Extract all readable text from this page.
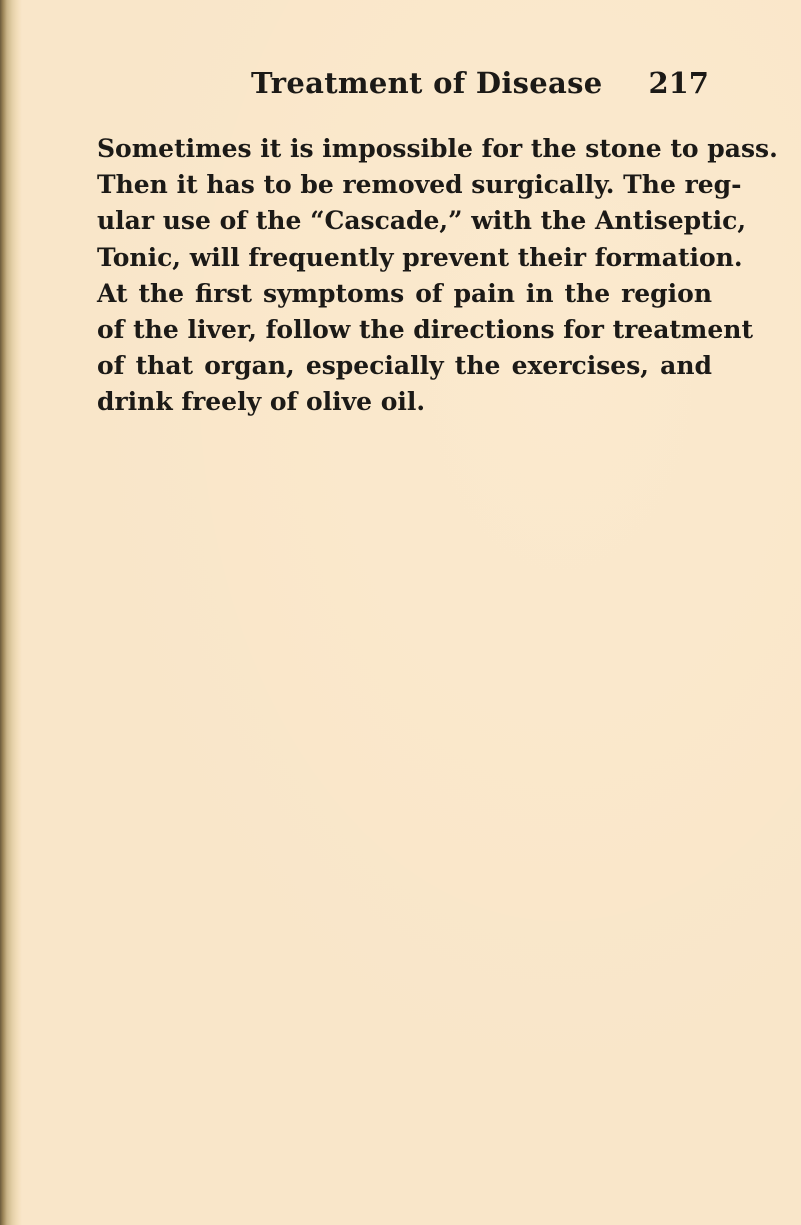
Treatment of Disease 217
Sometimes it is impossible for the stone to pass.
Then it has to be removed surgically. The reg-
ular use of the “Cascade,” with the Antiseptic,
Tonic, will frequently prevent their formation.
At the first symptoms of pain in the region
of the liver, follow the directions for treatment
of that organ, especially the exercises, and
drink freely of olive oil.
